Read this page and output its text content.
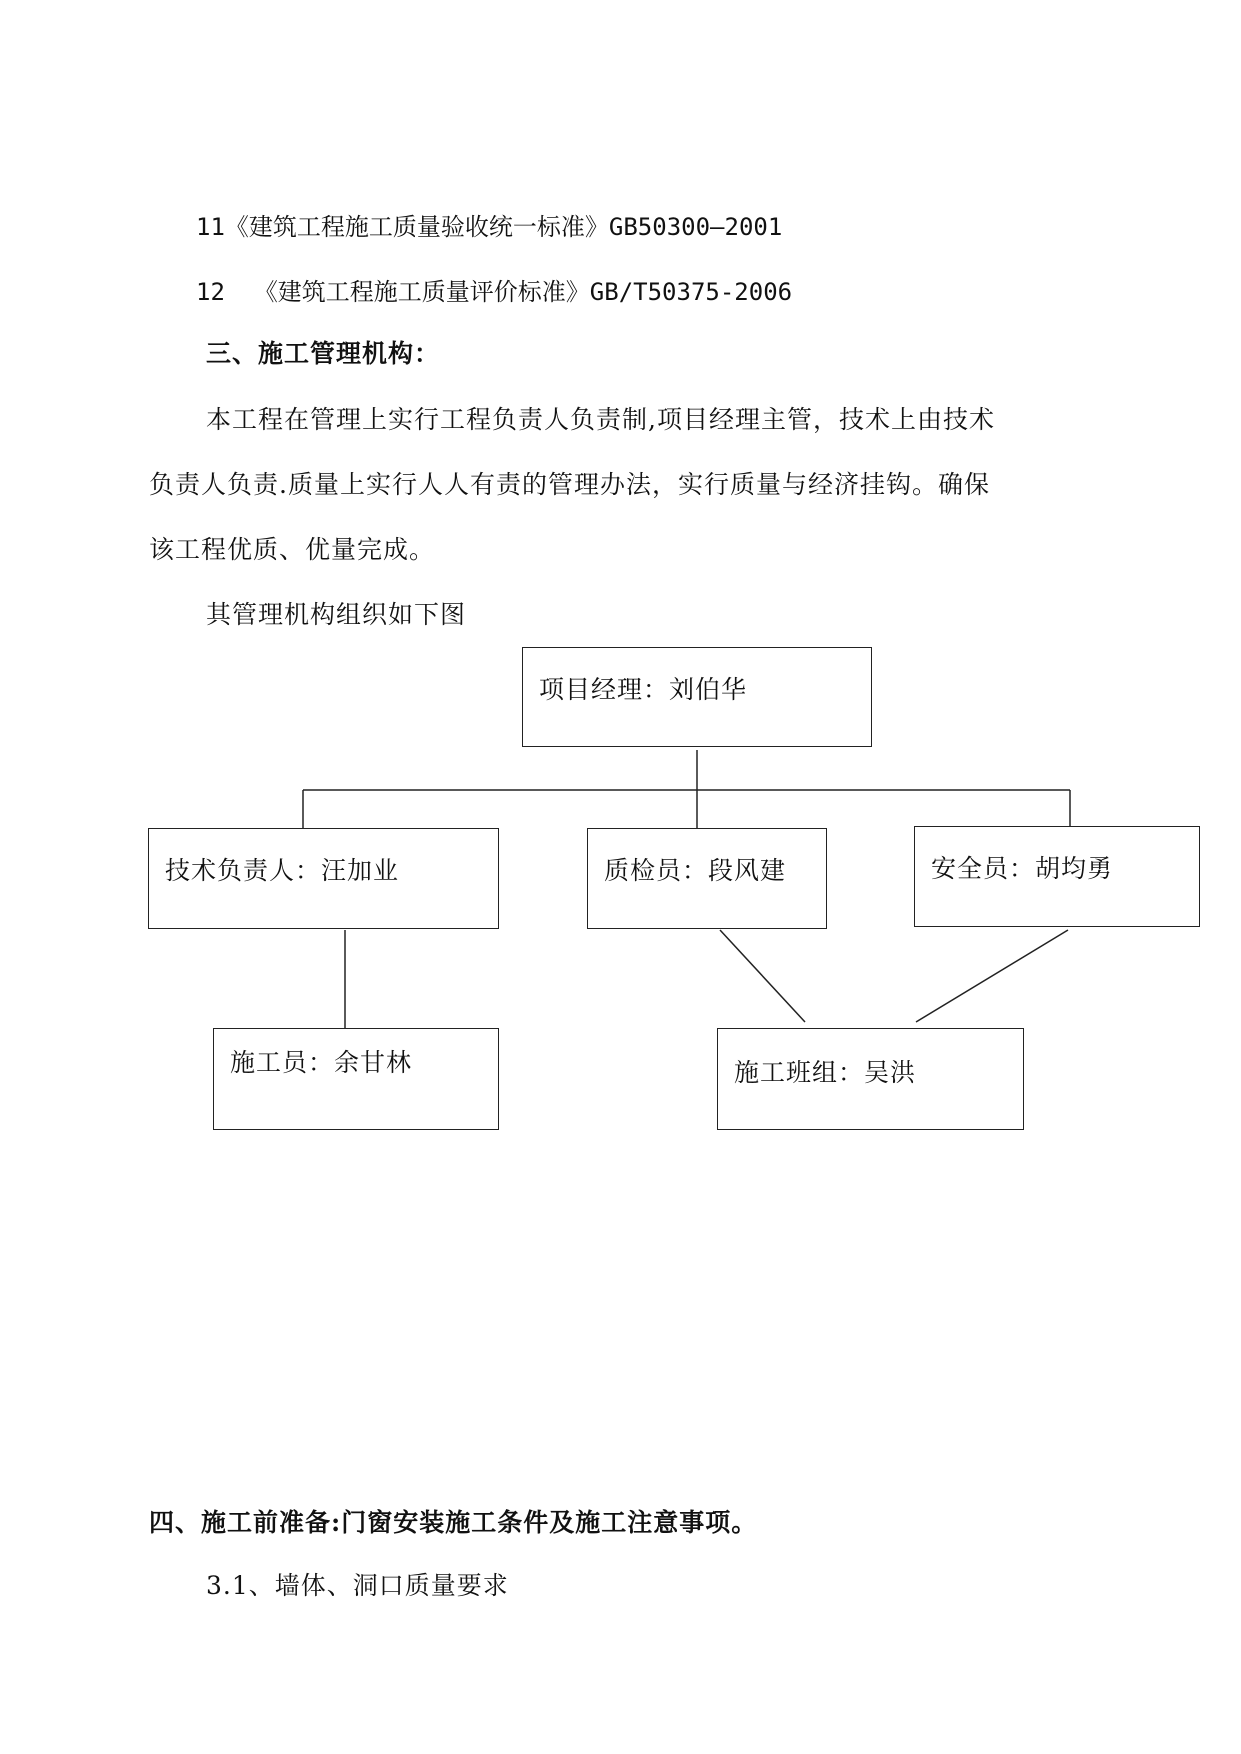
11《建筑工程施工质量验收统一标准》GB50300—2001
12 《建筑工程施工质量评价标准》GB/T50375-2006
三、施工管理机构：
本工程在管理上实行工程负责人负责制,项目经理主管，技术上由技术
负责人负责.质量上实行人人有责的管理办法，实行质量与经济挂钩。确保
该工程优质、优量完成。
其管理机构组织如下图
项目经理：刘伯华
技术负责人：汪加业	质检员：段风建	安全员：胡均勇
施工员：余甘林	施工班组：吴洪
四、施工前准备:门窗安装施工条件及施工注意事项。
3.1、墙体、洞口质量要求
